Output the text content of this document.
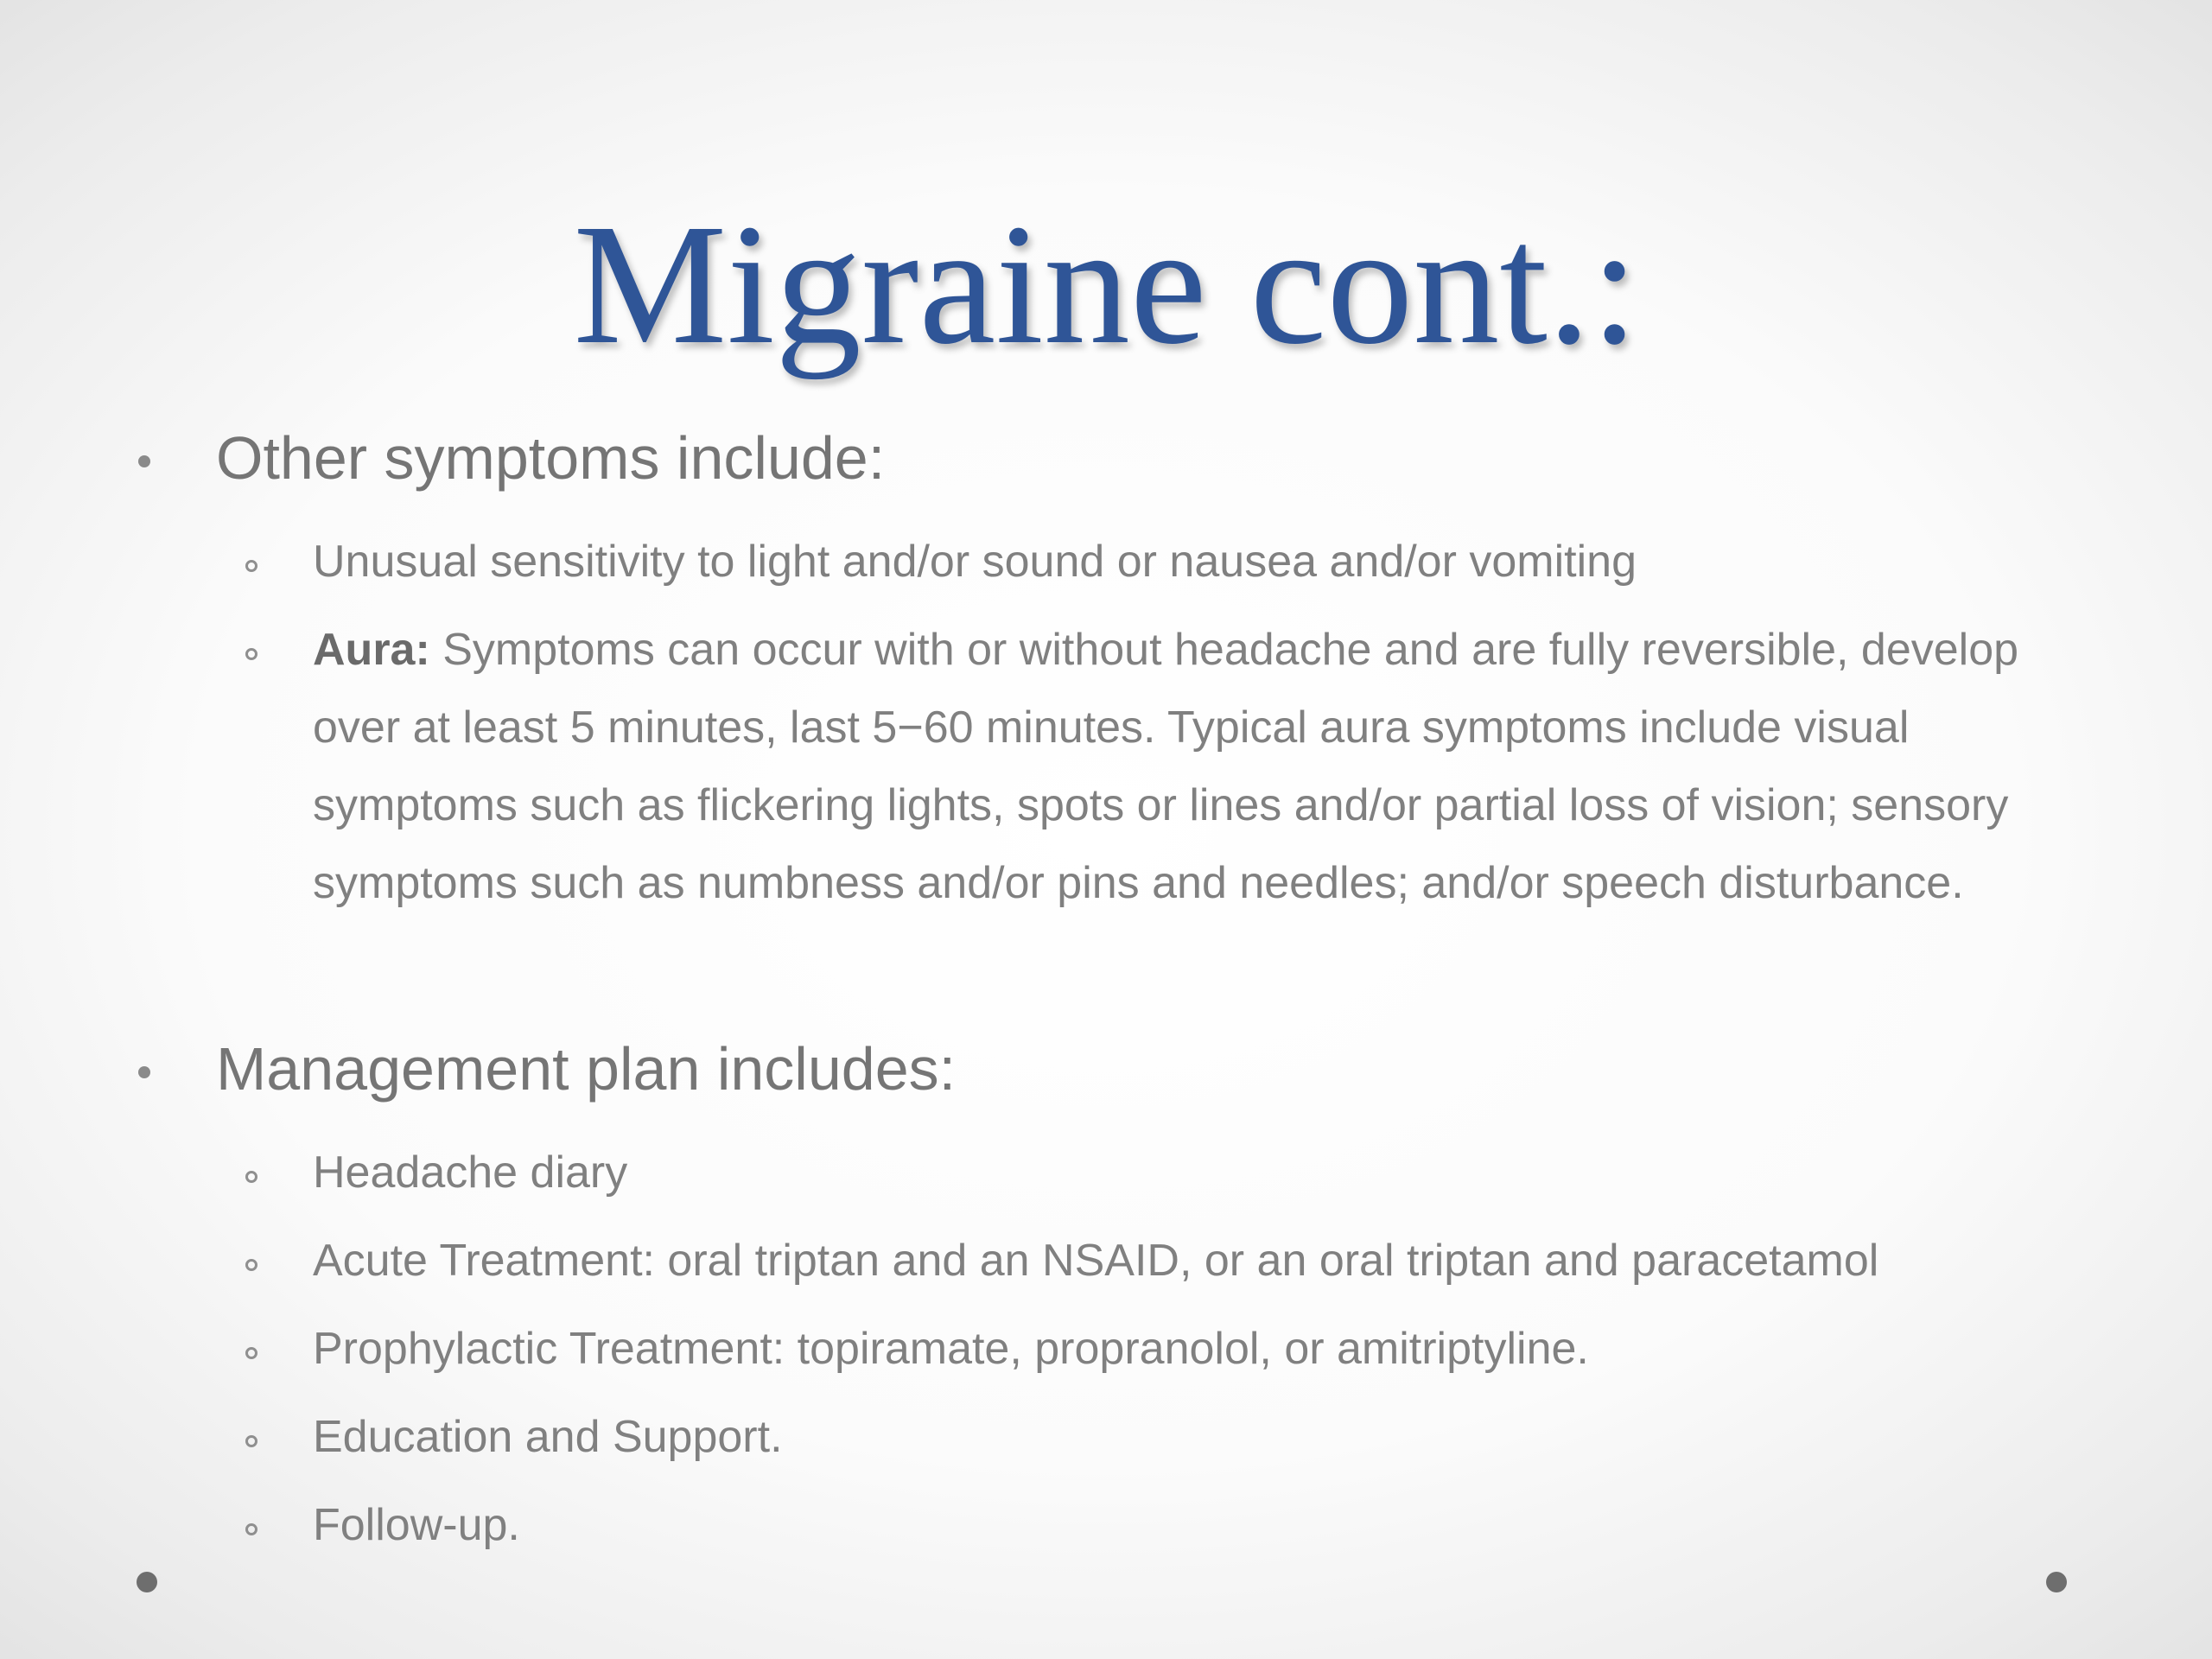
Migraine cont.:
Other symptoms include:
Unusual sensitivity to light and/or sound or nausea and/or vomiting
Aura: Symptoms can occur with or without headache and are fully reversible, develop over at least 5 minutes, last 5−60 minutes. Typical aura symptoms include visual symptoms such as flickering lights, spots or lines and/or partial loss of vision; sensory symptoms such as numbness and/or pins and needles; and/or speech disturbance.
Management plan includes:
Headache diary
Acute Treatment: oral triptan and an NSAID, or an oral triptan and paracetamol
Prophylactic Treatment: topiramate, propranolol, or amitriptyline.
Education and Support.
Follow-up.
